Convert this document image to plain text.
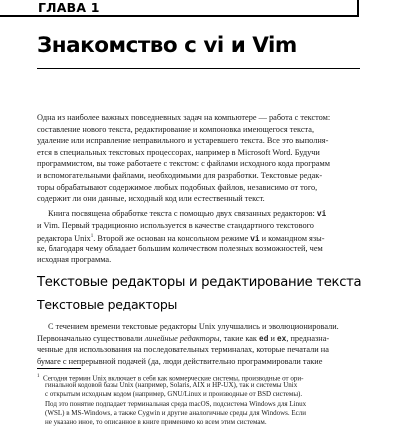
ГЛАВА 1
Знакомство с vi и Vim
Одна из наиболее важных повседневных задач на компьютере — работа с текстом:
составление нового текста, редактирование и компоновка имеющегося текста,
удаление или исправление неправильного и устаревшего текста. Все это выполня-
ется в специальных текстовых процессорах, например в Microsoft Word. Будучи
программистом, вы тоже работаете с текстом: с файлами исходного кода программ
и вспомогательными файлами, необходимыми для разработки. Текстовые редак-
торы обрабатывают содержимое любых подобных файлов, независимо от того,
содержит ли они данные, исходный код или естественный текст.
Книга посвящена обработке текста с помощью двух связанных редакторов: vi
и Vim. Первый традиционно используется в качестве стандартного текстового
редактора Unix$^1$. Второй же основан на консольном режиме vi и командном язы-
ке, благодаря чему обладает большим количеством полезных возможностей, чем
исходная программа.
Текстовые редакторы и редактирование текста
Текстовые редакторы
С течением времени текстовые редакторы Unix улучшались и эволюционировали.
Первоначально существовали линейные редакторы, такие как ed и ex, предназна-
ченные для использования на последовательных терминалах, которые печатали на
бумаге с непрерывной подачей (да, люди действительно программировали такие
$^1$ Сегодня термин Unix включает в себя как коммерческие системы, производные от ори-
гинальной кодовой базы Unix (например, Solaris, AIX и HP-UX), так и системы Unix
с открытым исходным кодом (например, GNU/Linux и производные от BSD системы).
Под это понятие подпадает терминальная среда macOS, подсистема Windows для Linux
(WSL) в MS-Windows, а также Cygwin и другие аналогичные среды для Windows. Если
не указано иное, то описанное в книге применимо ко всем этим системам.
